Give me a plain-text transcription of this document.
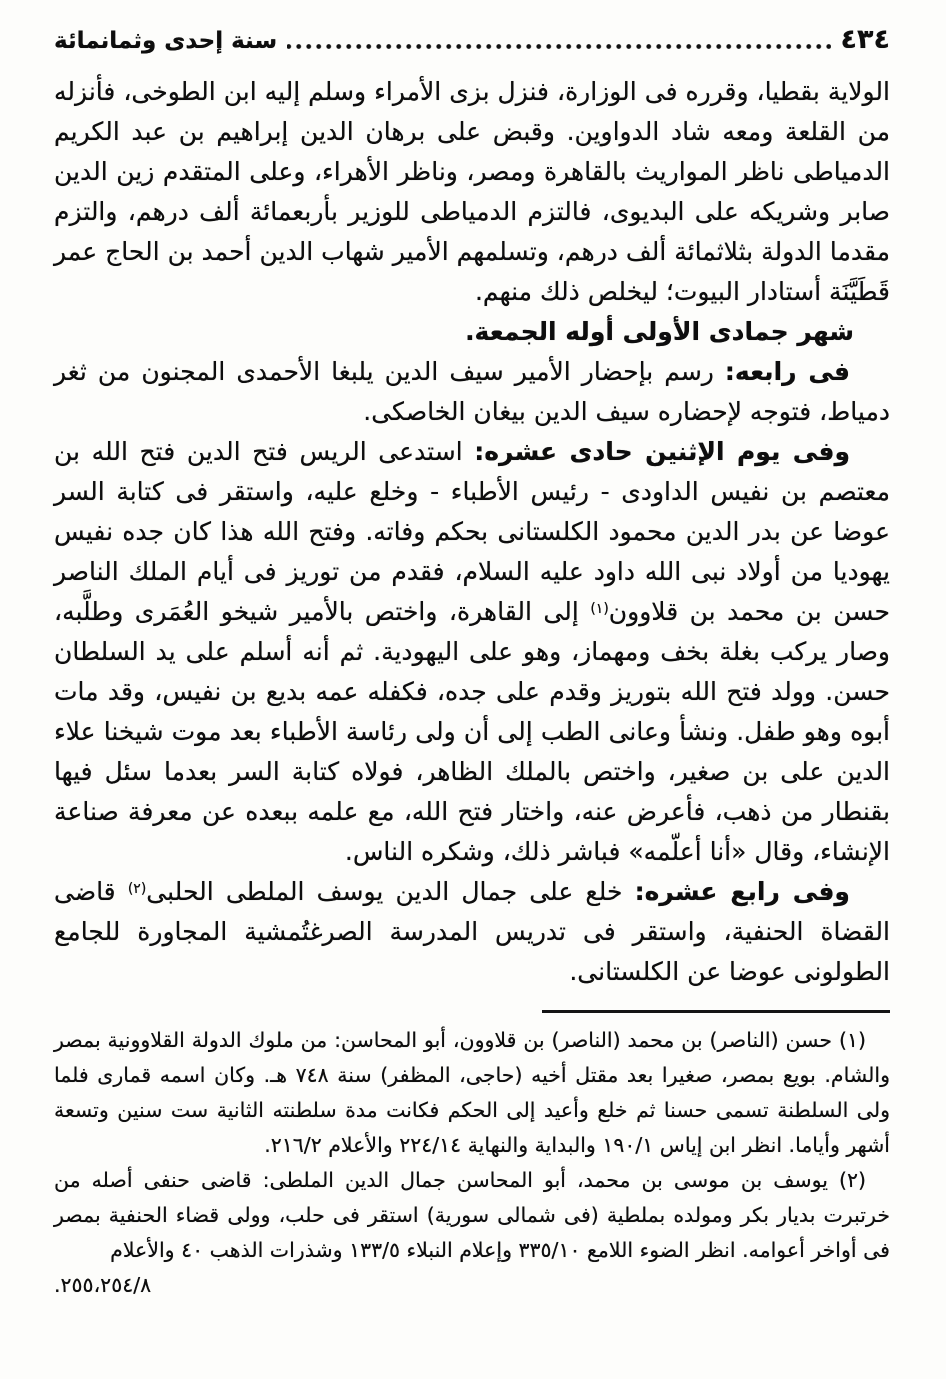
٤٣٤
سنة إحدى وثمانمائة

الولاية بقطيا، وقرره فى الوزارة، فنزل بزى الأمراء وسلم إليه ابن الطوخى، فأنزله من القلعة ومعه شاد الدواوين. وقبض على برهان الدين إبراهيم بن عبد الكريم الدمياطى ناظر المواريث بالقاهرة ومصر، وناظر الأهراء، وعلى المتقدم زين الدين صابر وشريكه على البديوى، فالتزم الدمياطى للوزير بأربعمائة ألف درهم، والتزم مقدما الدولة بثلاثمائة ألف درهم، وتسلمهم الأمير شهاب الدين أحمد بن الحاج عمر قَطَيَّنَة أستادار البيوت؛ ليخلص ذلك منهم.

شهر جمادى الأولى أوله الجمعة.

فى رابعه: رسم بإحضار الأمير سيف الدين يلبغا الأحمدى المجنون من ثغر دمياط، فتوجه لإحضاره سيف الدين بيغان الخاصكى.

وفى يوم الإثنين حادى عشره: استدعى الريس فتح الدين فتح الله بن معتصم بن نفيس الداودى - رئيس الأطباء - وخلع عليه، واستقر فى كتابة السر عوضا عن بدر الدين محمود الكلستانى بحكم وفاته. وفتح الله هذا كان جده نفيس يهوديا من أولاد نبى الله داود عليه السلام، فقدم من توريز فى أيام الملك الناصر حسن بن محمد بن قلاوون$^{(١)}$ إلى القاهرة، واختص بالأمير شيخو العُمَرى وطلَّبه، وصار يركب بغلة بخف ومهماز، وهو على اليهودية. ثم أنه أسلم على يد السلطان حسن. وولد فتح الله بتوريز وقدم على جده، فكفله عمه بديع بن نفيس، وقد مات أبوه وهو طفل. ونشأ وعانى الطب إلى أن ولى رئاسة الأطباء بعد موت شيخنا علاء الدين على بن صغير، واختص بالملك الظاهر، فولاه كتابة السر بعدما سئل فيها بقنطار من ذهب، فأعرض عنه، واختار فتح الله، مع علمه ببعده عن معرفة صناعة الإنشاء، وقال «أنا أعلّمه» فباشر ذلك، وشكره الناس.

وفى رابع عشره: خلع على جمال الدين يوسف الملطى الحلبى$^{(٢)}$ قاضى القضاة الحنفية، واستقر فى تدريس المدرسة الصرغتُمشية المجاورة للجامع الطولونى عوضا عن الكلستانى.

(١) حسن (الناصر) بن محمد (الناصر) بن قلاوون، أبو المحاسن: من ملوك الدولة القلاوونية بمصر والشام. بويع بمصر، صغيرا بعد مقتل أخيه (حاجى، المظفر) سنة ٧٤٨ هـ. وكان اسمه قمارى فلما ولى السلطنة تسمى حسنا ثم خلع وأعيد إلى الحكم فكانت مدة سلطنته الثانية ست سنين وتسعة أشهر وأياما. انظر ابن إياس ١٩٠/١ والبداية والنهاية ٢٢٤/١٤ والأعلام ٢١٦/٢.

(٢) يوسف بن موسى بن محمد، أبو المحاسن جمال الدين الملطى: قاضى حنفى أصله من خرتبرت بديار بكر ومولده بملطية (فى شمالى سورية) استقر فى حلب، وولى قضاء الحنفية بمصر فى أواخر أعوامه. انظر الضوء اللامع ٣٣٥/١٠ وإعلام النبلاء ١٣٣/٥ وشذرات الذهب ٤٠ والأعلام

٢٥٥،٢٥٤/٨.
